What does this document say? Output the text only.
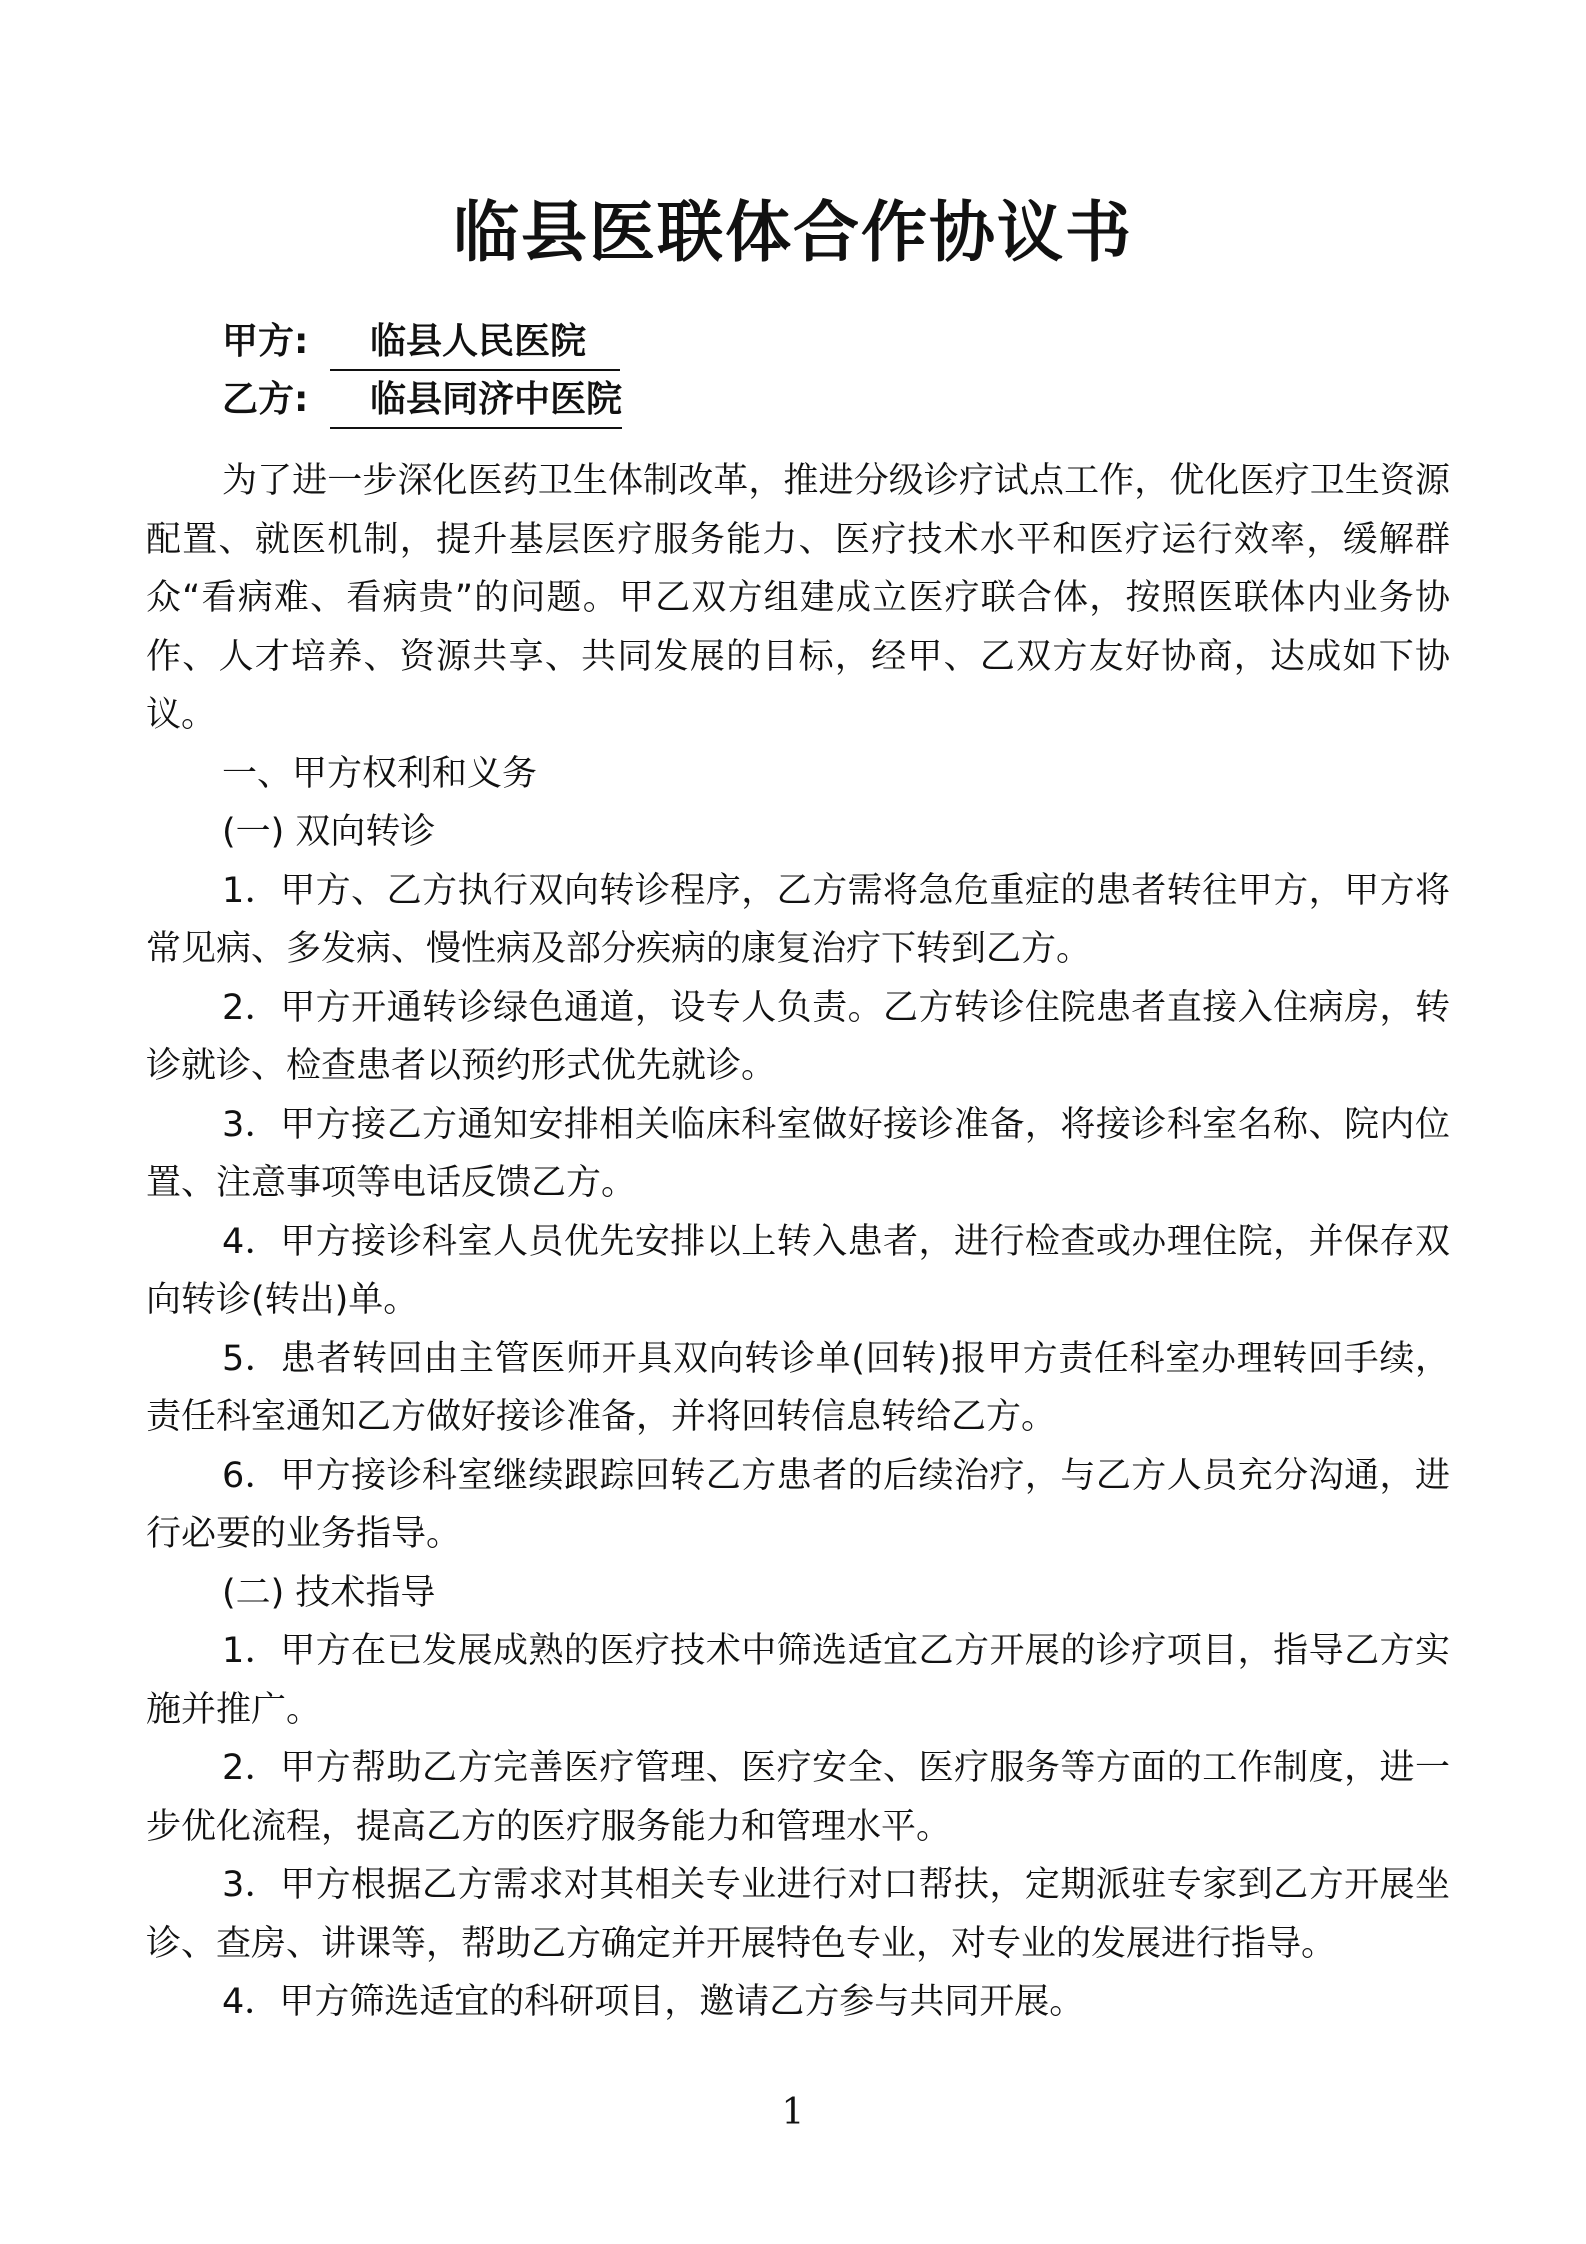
临县医联体合作协议书
甲方: 临县人民医院
乙方: 临县同济中医院

为了进一步深化医药卫生体制改革，推进分级诊疗试点工作，优化医疗卫生资源配置、就医机制，提升基层医疗服务能力、医疗技术水平和医疗运行效率，缓解群众“看病难、看病贵”的问题。甲乙双方组建成立医疗联合体，按照医联体内业务协作、人才培养、资源共享、共同发展的目标，经甲、乙双方友好协商，达成如下协议。

一、甲方权利和义务

(一) 双向转诊

1．甲方、乙方执行双向转诊程序，乙方需将急危重症的患者转往甲方，甲方将常见病、多发病、慢性病及部分疾病的康复治疗下转到乙方。

2．甲方开通转诊绿色通道，设专人负责。乙方转诊住院患者直接入住病房，转诊就诊、检查患者以预约形式优先就诊。

3．甲方接乙方通知安排相关临床科室做好接诊准备，将接诊科室名称、院内位置、注意事项等电话反馈乙方。

4．甲方接诊科室人员优先安排以上转入患者，进行检查或办理住院，并保存双向转诊(转出)单。

5．患者转回由主管医师开具双向转诊单(回转)报甲方责任科室办理转回手续，责任科室通知乙方做好接诊准备，并将回转信息转给乙方。

6．甲方接诊科室继续跟踪回转乙方患者的后续治疗，与乙方人员充分沟通，进行必要的业务指导。

(二) 技术指导

1．甲方在已发展成熟的医疗技术中筛选适宜乙方开展的诊疗项目，指导乙方实施并推广。

2．甲方帮助乙方完善医疗管理、医疗安全、医疗服务等方面的工作制度，进一步优化流程，提高乙方的医疗服务能力和管理水平。

3．甲方根据乙方需求对其相关专业进行对口帮扶，定期派驻专家到乙方开展坐诊、查房、讲课等，帮助乙方确定并开展特色专业，对专业的发展进行指导。

4．甲方筛选适宜的科研项目，邀请乙方参与共同开展。

1
